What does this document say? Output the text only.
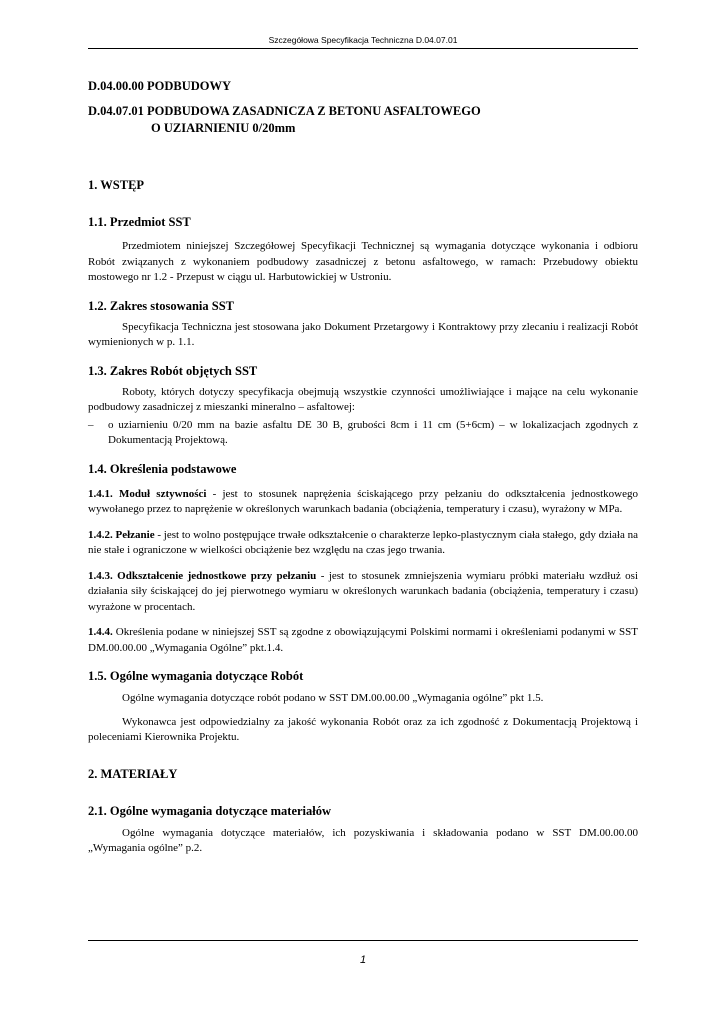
Szczegółowa Specyfikacja Techniczna D.04.07.01
D.04.00.00 PODBUDOWY
D.04.07.01 PODBUDOWA ZASADNICZA Z BETONU ASFALTOWEGO
O UZIARNIENIU 0/20mm
1. WSTĘP
1.1. Przedmiot SST

Przedmiotem niniejszej Szczegółowej Specyfikacji Technicznej są wymagania dotyczące wykonania i odbioru Robót związanych z wykonaniem podbudowy zasadniczej z betonu asfaltowego, w ramach: Przebudowy obiektu mostowego nr 1.2 - Przepust w ciągu ul. Harbutowickiej w Ustroniu.

1.2. Zakres stosowania SST

Specyfikacja Techniczna jest stosowana jako Dokument Przetargowy i Kontraktowy przy zlecaniu i realizacji Robót wymienionych w p. 1.1.

1.3. Zakres Robót objętych SST

Roboty, których dotyczy specyfikacja obejmują wszystkie czynności umożliwiające i mające na celu wykonanie podbudowy zasadniczej z mieszanki mineralno – asfaltowej:

– o uziarnieniu 0/20 mm na bazie asfaltu DE 30 B, grubości 8cm i 11 cm (5+6cm) – w lokalizacjach zgodnych z Dokumentacją Projektową.
1.4. Określenia podstawowe

1.4.1. Moduł sztywności - jest to stosunek naprężenia ściskającego przy pełzaniu do odkształcenia jednostkowego wywołanego przez to naprężenie w określonych warunkach badania (obciążenia, temperatury i czasu), wyrażony w MPa.

1.4.2. Pełzanie - jest to wolno postępujące trwałe odkształcenie o charakterze lepko-plastycznym ciała stałego, gdy działa na nie stałe i ograniczone w wielkości obciążenie bez względu na czas jego trwania.

1.4.3. Odkształcenie jednostkowe przy pełzaniu - jest to stosunek zmniejszenia wymiaru próbki materiału wzdłuż osi działania siły ściskającej do jej pierwotnego wymiaru w określonych warunkach badania (obciążenia, temperatury i czasu) wyrażone w procentach.

1.4.4. Określenia podane w niniejszej SST są zgodne z obowiązującymi Polskimi normami i określeniami podanymi w SST DM.00.00.00 „Wymagania Ogólne” pkt.1.4.

1.5. Ogólne wymagania dotyczące Robót

Ogólne wymagania dotyczące robót podano w SST DM.00.00.00 „Wymagania ogólne” pkt 1.5.

Wykonawca jest odpowiedzialny za jakość wykonania Robót oraz za ich zgodność z Dokumentacją Projektową i poleceniami Kierownika Projektu.

2. MATERIAŁY
2.1. Ogólne wymagania dotyczące materiałów

Ogólne wymagania dotyczące materiałów, ich pozyskiwania i składowania podano w SST DM.00.00.00 „Wymagania ogólne” p.2.

1
